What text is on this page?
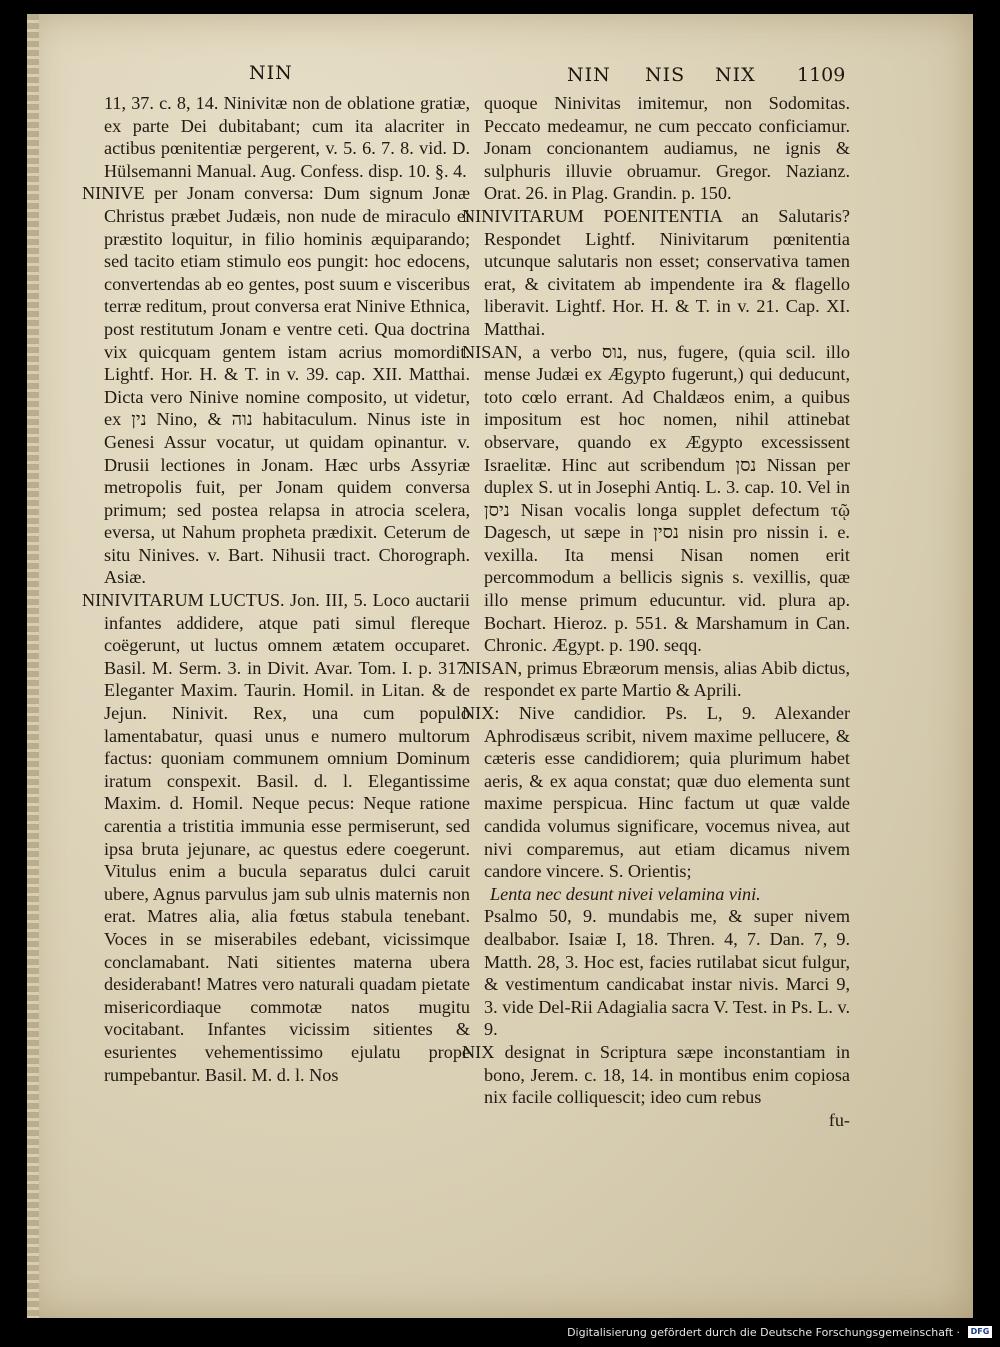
NIN	NIN NIS NIX 1109

11, 37. c. 8, 14. Ninivitæ non de oblatione gratiæ, ex parte Dei dubitabant; cum ita alacriter in actibus pœnitentiæ pergerent, v. 5. 6. 7. 8. vid. D. Hülsemanni Manual. Aug. Confess. disp. 10. §. 4.

NINIVE per Jonam conversa: Dum signum Jonæ Christus præbet Judæis, non nude de miraculo ei præstito loquitur, in filio hominis æquiparando; sed tacito etiam stimulo eos pungit: hoc edocens, convertendas ab eo gentes, post suum e visceribus terræ reditum, prout conversa erat Ninive Ethnica, post restitutum Jonam e ventre ceti. Qua doctrina vix quicquam gentem istam acrius momordit. Lightf. Hor. H. & T. in v. 39. cap. XII. Matthai. Dicta vero Ninive nomine composito, ut videtur, ex נין Nino, & נוה habitaculum. Ninus iste in Genesi Assur vocatur, ut quidam opinantur. v. Drusii lectiones in Jonam. Hæc urbs Assyriæ metropolis fuit, per Jonam quidem conversa primum; sed postea relapsa in atrocia scelera, eversa, ut Nahum propheta prædixit. Ceterum de situ Ninives. v. Bart. Nihusii tract. Chorograph. Asiæ.

NINIVITARUM LUCTUS. Jon. III, 5. Loco auctarii infantes addidere, atque pati simul flereque coëgerunt, ut luctus omnem ætatem occuparet. Basil. M. Serm. 3. in Divit. Avar. Tom. I. p. 317. Eleganter Maxim. Taurin. Homil. in Litan. & de Jejun. Ninivit. Rex, una cum populo lamentabatur, quasi unus e numero multorum factus: quoniam communem omnium Dominum iratum conspexit. Basil. d. l. Elegantissime Maxim. d. Homil. Neque pecus: Neque ratione carentia a tristitia immunia esse permiserunt, sed ipsa bruta jejunare, ac questus edere coegerunt. Vitulus enim a bucula separatus dulci caruit ubere, Agnus parvulus jam sub ulnis maternis non erat. Matres alia, alia fœtus stabula tenebant. Voces in se miserabiles edebant, vicissimque conclamabant. Nati sitientes materna ubera desiderabant! Matres vero naturali quadam pietate misericordiaque commotæ natos mugitu vocitabant. Infantes vicissim sitientes & esurientes vehementissimo ejulatu prope rumpebantur. Basil. M. d. l. Nos

quoque Ninivitas imitemur, non Sodomitas. Peccato medeamur, ne cum peccato conficiamur. Jonam concionantem audiamus, ne ignis & sulphuris illuvie obruamur. Gregor. Nazianz. Orat. 26. in Plag. Grandin. p. 150.

NINIVITARUM POENITENTIA an Salutaris? Respondet Lightf. Ninivitarum pœnitentia utcunque salutaris non esset; conservativa tamen erat, & civitatem ab impendente ira & flagello liberavit. Lightf. Hor. H. & T. in v. 21. Cap. XI. Matthai.

NISAN, a verbo נוס, nus, fugere, (quia scil. illo mense Judæi ex Ægypto fugerunt,) qui deducunt, toto cœlo errant. Ad Chaldæos enim, a quibus impositum est hoc nomen, nihil attinebat observare, quando ex Ægypto excessissent Israelitæ. Hinc aut scribendum נסן Nissan per duplex S. ut in Josephi Antiq. L. 3. cap. 10. Vel in ניסן Nisan vocalis longa supplet defectum τῷ Dagesch, ut sæpe in נסין nisin pro nissin i. e. vexilla. Ita mensi Nisan nomen erit percommodum a bellicis signis s. vexillis, quæ illo mense primum educuntur. vid. plura ap. Bochart. Hieroz. p. 551. & Marshamum in Can. Chronic. Ægypt. p. 190. seqq.

NISAN, primus Ebræorum mensis, alias Abib dictus, respondet ex parte Martio & Aprili.

NIX: Nive candidior. Ps. L, 9. Alexander Aphrodisæus scribit, nivem maxime pellucere, & cæteris esse candidiorem; quia plurimum habet aeris, & ex aqua constat; quæ duo elementa sunt maxime perspicua. Hinc factum ut quæ valde candida volumus significare, vocemus nivea, aut nivi comparemus, aut etiam dicamus nivem candore vincere. S. Orientis;

Lenta nec desunt nivei velamina vini.

Psalmo 50, 9. mundabis me, & super nivem dealbabor. Isaiæ I, 18. Thren. 4, 7. Dan. 7, 9. Matth. 28, 3. Hoc est, facies rutilabat sicut fulgur, & vestimentum candicabat instar nivis. Marci 9, 3. vide Del-Rii Adagialia sacra V. Test. in Ps. L. v. 9.

NIX designat in Scriptura sæpe inconstantiam in bono, Jerem. c. 18, 14. in montibus enim copiosa nix facile colliquescit; ideo cum rebus

fu-

Digitalisierung gefördert durch die Deutsche Forschungsgemeinschaft ·	DFG
